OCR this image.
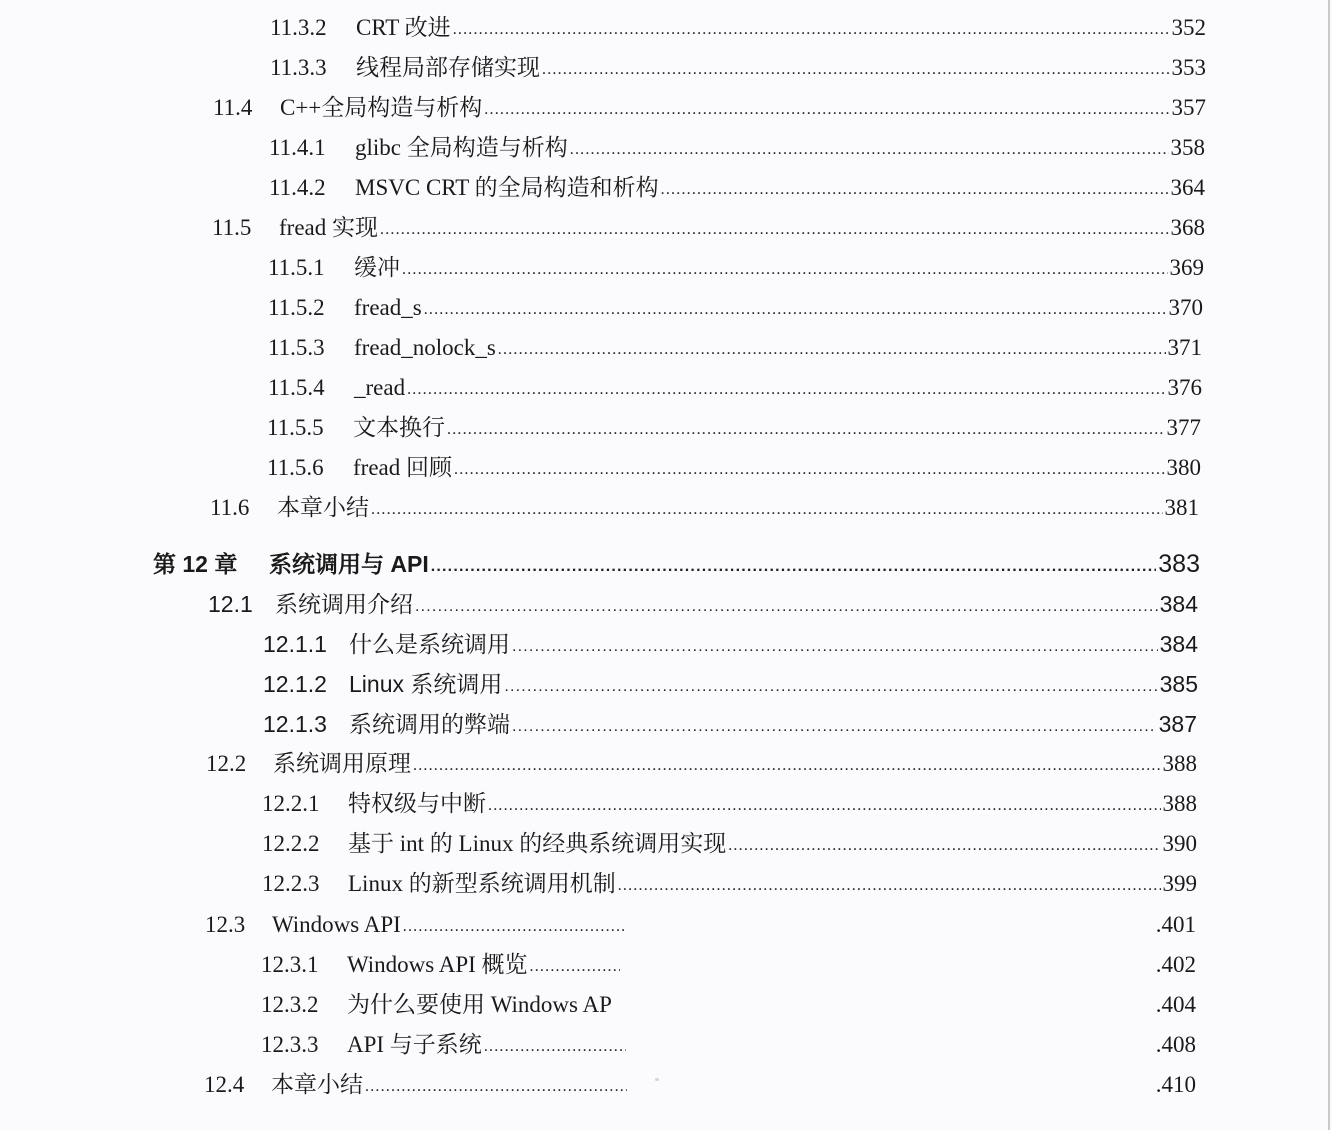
11.3.2	CRT 改进 .....	352
11.3.3	线程局部存储实现 .....	353
11.4	C++全局构造与析构 .....	357
11.4.1	glibc 全局构造与析构 .....	358
11.4.2	MSVC CRT 的全局构造和析构 .....	364
11.5	fread 实现 .....	368
11.5.1	缓冲 .....	369
11.5.2	fread_s .....	370
11.5.3	fread_nolock_s .....	371
11.5.4	_read .....	376
11.5.5	文本换行 .....	377
11.5.6	fread 回顾 .....	380
11.6	本章小结 .....	381
第 12 章	系统调用与 API .....	383
12.1 系统调用介绍 .....	384
12.1.1 什么是系统调用 .....	384
12.1.2 Linux 系统调用 .....	385
12.1.3 系统调用的弊端 .....	387
12.2	系统调用原理 .....	388
12.2.1	特权级与中断 .....	388
12.2.2	基于 int 的 Linux 的经典系统调用实现 .....	390
12.2.3	Linux 的新型系统调用机制 .....	399
12.3	Windows API .....	.401
12.3.1	Windows API 概览 .....	.402
12.3.2	为什么要使用 Windows AP	.404
12.3.3	API 与子系统 .....	.408
12.4	本章小结 .....	.410
